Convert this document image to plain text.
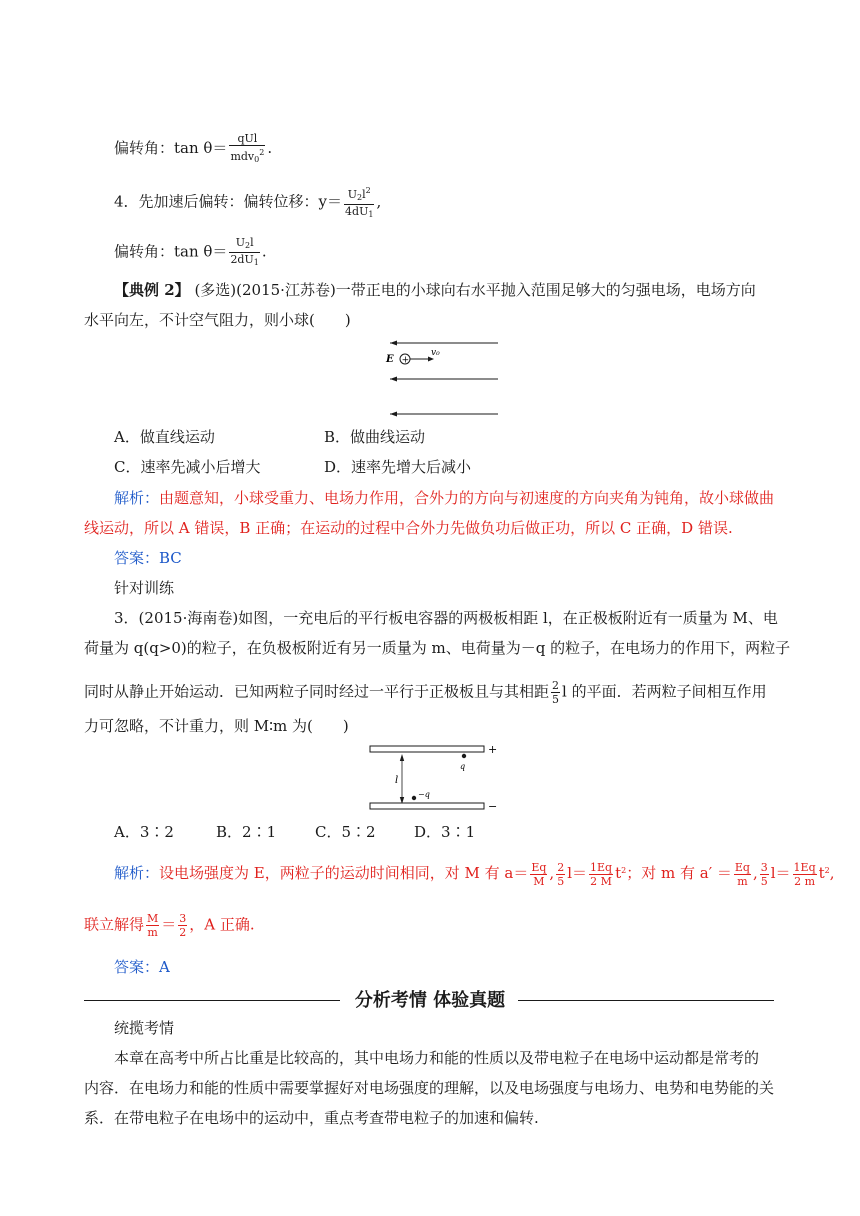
偏转角：$\tan \theta= \frac{\text{qUl}}{mdv_0^2}$ .
4．先加速后偏转：偏转位移：$y= \frac{U_2l^2}{4dU_1}$ ,
偏转角：$\tan \theta= \frac{U_2l}{2dU_1}$ .
【典例 2】 (多选)(2015·江苏卷)一带正电的小球向右水平抛入范围足够大的匀强电场，电场方向
水平向左，不计空气阻力，则小球(　　)
E +
v₀
A．做直线运动	B．做曲线运动
C．速率先减小后增大	D．速率先增大后减小
解析：由题意知，小球受重力、电场力作用，合外力的方向与初速度的方向夹角为钝角，故小球做曲
线运动，所以 A 错误，B 正确；在运动的过程中合外力先做负功后做正功，所以 C 正确，D 错误.
答案：BC
针对训练
3．(2015·海南卷)如图，一充电后的平行板电容器的两极板相距 l，在正极板附近有一质量为 M、电
荷量为 q(q>0)的粒子，在负极板附近有另一质量为 m、电荷量为－q 的粒子，在电场力的作用下，两粒子
同时从静止开始运动．已知两粒子同时经过一平行于正极板且与其相距 $\frac{2}{5}$ l 的平面．若两粒子间相互作用
力可忽略，不计重力，则 M∶m 为(　　)
+
q
l
−q
−
A．3∶2	B．2∶1	C．5∶2	D．3∶1
解析：设电场强度为 E，两粒子的运动时间相同，对 M 有 $a= \frac{Eq}{M}$ , $\frac{2}{5} l= \frac{1Eq}{2 M} t^2$；对 m 有 $a' = \frac{Eq}{m}$ , $\frac{3}{5} l= \frac{1Eq}{2 m} t^2$,
联立解得 $\frac{M}{m} = \frac{3}{2}$ ，A 正确.
答案：A
分析考情 体验真题
统揽考情
本章在高考中所占比重是比较高的，其中电场力和能的性质以及带电粒子在电场中运动都是常考的
内容．在电场力和能的性质中需要掌握好对电场强度的理解，以及电场强度与电场力、电势和电势能的关
系．在带电粒子在电场中的运动中，重点考查带电粒子的加速和偏转.
